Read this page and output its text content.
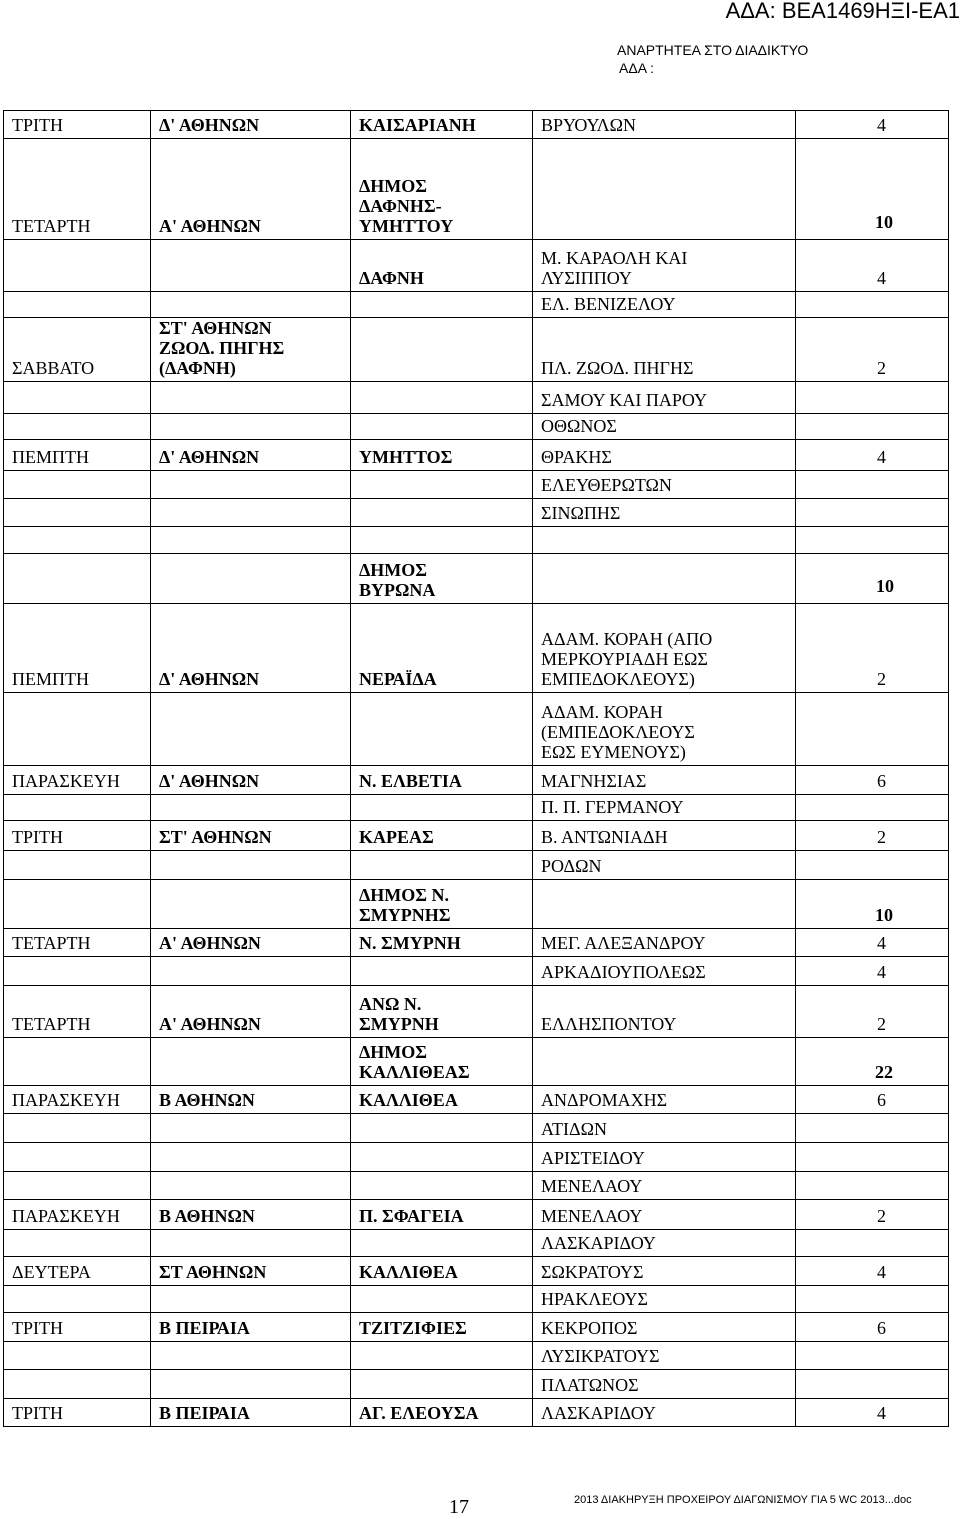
ΑΔΑ: ΒΕΑ1469ΗΞΙ-ΕΑ1
ΑΝΑΡΤΗΤΕΑ ΣΤΟ ΔΙΑΔΙΚΤΥΟ
ΑΔΑ :
ΤΡΙΤΗ	Δ' ΑΘΗΝΩΝ	ΚΑΙΣΑΡΙΑΝΗ	ΒΡΥΟΥΛΩΝ	4
ΤΕΤΑΡΤΗ	Α' ΑΘΗΝΩΝ	ΔΗΜΟΣ
ΔΑΦΝΗΣ-
ΥΜΗΤΤΟΥ		10
		ΔΑΦΝΗ	Μ. ΚΑΡΑΟΛΗ ΚΑΙ
ΛΥΣΙΠΠΟΥ	4
			ΕΛ. ΒΕΝΙΖΕΛΟΥ	
ΣΑΒΒΑΤΟ	ΣΤ' ΑΘΗΝΩΝ
ΖΩΟΔ. ΠΗΓΗΣ
(ΔΑΦΝΗ)		ΠΛ. ΖΩΟΔ. ΠΗΓΗΣ	2
			ΣΑΜΟΥ ΚΑΙ ΠΑΡΟΥ	
			ΟΘΩΝΟΣ	
ΠΕΜΠΤΗ	Δ' ΑΘΗΝΩΝ	ΥΜΗΤΤΟΣ	ΘΡΑΚΗΣ	4
			ΕΛΕΥΘΕΡΩΤΩΝ	
			ΣΙΝΩΠΗΣ	

		ΔΗΜΟΣ
ΒΥΡΩΝΑ		10
ΠΕΜΠΤΗ	Δ' ΑΘΗΝΩΝ	ΝΕΡΑΪΔΑ	ΑΔΑΜ. ΚΟΡΑΗ (ΑΠΟ
ΜΕΡΚΟΥΡΙΑΔΗ ΕΩΣ
ΕΜΠΕΔΟΚΛΕΟΥΣ)	2
			ΑΔΑΜ. ΚΟΡΑΗ
(ΕΜΠΕΔΟΚΛΕΟΥΣ
ΕΩΣ ΕΥΜΕΝΟΥΣ)	
ΠΑΡΑΣΚΕΥΗ	Δ' ΑΘΗΝΩΝ	Ν. ΕΛΒΕΤΙΑ	ΜΑΓΝΗΣΙΑΣ	6
			Π. Π. ΓΕΡΜΑΝΟΥ	
ΤΡΙΤΗ	ΣΤ' ΑΘΗΝΩΝ	ΚΑΡΕΑΣ	Β. ΑΝΤΩΝΙΑΔΗ	2
			ΡΟΔΩΝ	
		ΔΗΜΟΣ Ν.
ΣΜΥΡΝΗΣ		10
ΤΕΤΑΡΤΗ	Α' ΑΘΗΝΩΝ	Ν. ΣΜΥΡΝΗ	ΜΕΓ. ΑΛΕΞΑΝΔΡΟΥ	4
			ΑΡΚΑΔΙΟΥΠΟΛΕΩΣ	4
ΤΕΤΑΡΤΗ	Α' ΑΘΗΝΩΝ	ΑΝΩ Ν.
ΣΜΥΡΝΗ	ΕΛΛΗΣΠΟΝΤΟΥ	2
		ΔΗΜΟΣ
ΚΑΛΛΙΘΕΑΣ		22
ΠΑΡΑΣΚΕΥΗ	Β ΑΘΗΝΩΝ	ΚΑΛΛΙΘΕΑ	ΑΝΔΡΟΜΑΧΗΣ	6
			ΑΤΙΔΩΝ	
			ΑΡΙΣΤΕΙΔΟΥ	
			ΜΕΝΕΛΑΟΥ	
ΠΑΡΑΣΚΕΥΗ	Β ΑΘΗΝΩΝ	Π. ΣΦΑΓΕΙΑ	ΜΕΝΕΛΑΟΥ	2
			ΛΑΣΚΑΡΙΔΟΥ	
ΔΕΥΤΕΡΑ	ΣΤ ΑΘΗΝΩΝ	ΚΑΛΛΙΘΕΑ	ΣΩΚΡΑΤΟΥΣ	4
			ΗΡΑΚΛΕΟΥΣ	
ΤΡΙΤΗ	Β ΠΕΙΡΑΙΑ	ΤΖΙΤΖΙΦΙΕΣ	ΚΕΚΡΟΠΟΣ	6
			ΛΥΣΙΚΡΑΤΟΥΣ	
			ΠΛΑΤΩΝΟΣ	
ΤΡΙΤΗ	Β ΠΕΙΡΑΙΑ	ΑΓ. ΕΛΕΟΥΣΑ	ΛΑΣΚΑΡΙΔΟΥ	4
17	2013 ΔΙΑΚΗΡΥΞΗ ΠΡΟΧΕΙΡΟΥ ΔΙΑΓΩΝΙΣΜΟΥ ΓΙΑ 5 WC 2013...doc
